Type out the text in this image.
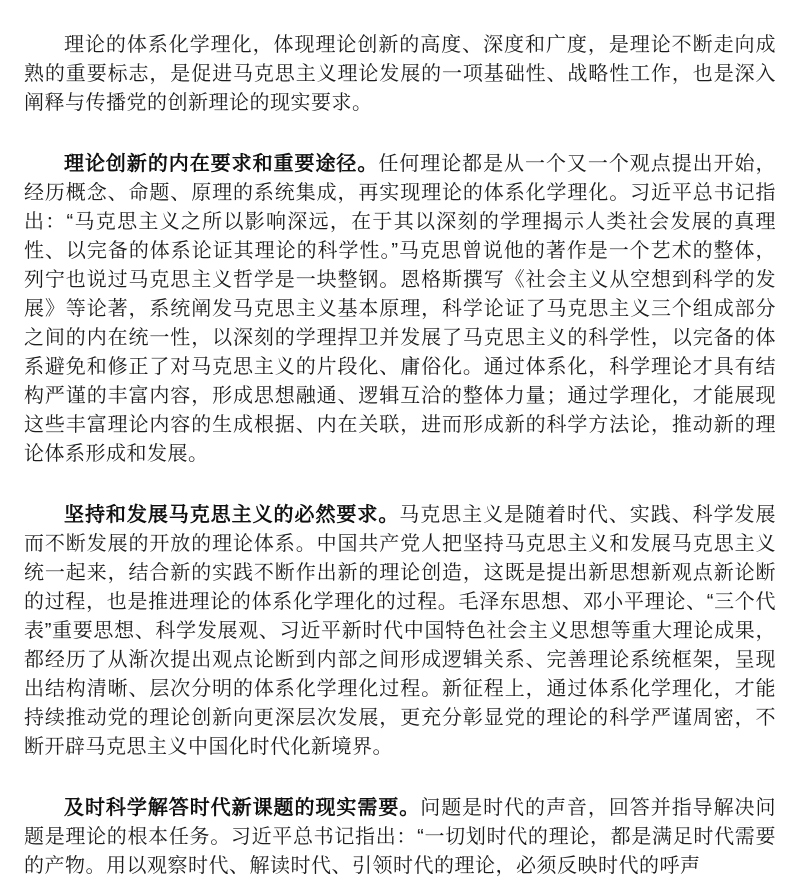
理论的体系化学理化，体现理论创新的高度、深度和广度，是理论不断走向成熟的重要标志，是促进马克思主义理论发展的一项基础性、战略性工作，也是深入阐释与传播党的创新理论的现实要求。

理论创新的内在要求和重要途径。任何理论都是从一个又一个观点提出开始，经历概念、命题、原理的系统集成，再实现理论的体系化学理化。习近平总书记指出：“马克思主义之所以影响深远，在于其以深刻的学理揭示人类社会发展的真理性、以完备的体系论证其理论的科学性。”马克思曾说他的著作是一个艺术的整体，列宁也说过马克思主义哲学是一块整钢。恩格斯撰写《社会主义从空想到科学的发展》等论著，系统阐发马克思主义基本原理，科学论证了马克思主义三个组成部分之间的内在统一性，以深刻的学理捍卫并发展了马克思主义的科学性，以完备的体系避免和修正了对马克思主义的片段化、庸俗化。通过体系化，科学理论才具有结构严谨的丰富内容，形成思想融通、逻辑互洽的整体力量；通过学理化，才能展现这些丰富理论内容的生成根据、内在关联，进而形成新的科学方法论，推动新的理论体系形成和发展。

坚持和发展马克思主义的必然要求。马克思主义是随着时代、实践、科学发展而不断发展的开放的理论体系。中国共产党人把坚持马克思主义和发展马克思主义统一起来，结合新的实践不断作出新的理论创造，这既是提出新思想新观点新论断的过程，也是推进理论的体系化学理化的过程。毛泽东思想、邓小平理论、“三个代表”重要思想、科学发展观、习近平新时代中国特色社会主义思想等重大理论成果，都经历了从渐次提出观点论断到内部之间形成逻辑关系、完善理论系统框架，呈现出结构清晰、层次分明的体系化学理化过程。新征程上，通过体系化学理化，才能持续推动党的理论创新向更深层次发展，更充分彰显党的理论的科学严谨周密，不断开辟马克思主义中国化时代化新境界。

及时科学解答时代新课题的现实需要。问题是时代的声音，回答并指导解决问题是理论的根本任务。习近平总书记指出：“一切划时代的理论，都是满足时代需要的产物。用以观察时代、解读时代、引领时代的理论，必须反映时代的呼声
